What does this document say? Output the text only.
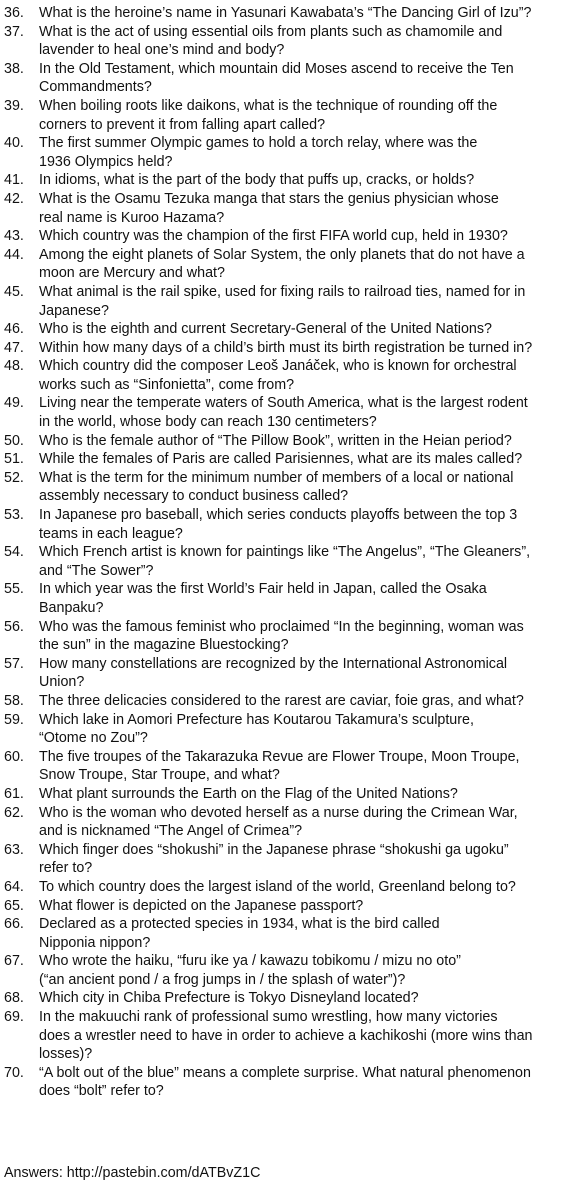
36.	What is the heroine’s name in Yasunari Kawabata’s “The Dancing Girl of Izu”?
37.	What is the act of using essential oils from plants such as chamomile and
lavender to heal one’s mind and body?
38.	In the Old Testament, which mountain did Moses ascend to receive the Ten
Commandments?
39.	When boiling roots like daikons, what is the technique of rounding off the
corners to prevent it from falling apart called?
40.	The first summer Olympic games to hold a torch relay, where was the
1936 Olympics held?
41.	In idioms, what is the part of the body that puffs up, cracks, or holds?
42.	What is the Osamu Tezuka manga that stars the genius physician whose
real name is Kuroo Hazama?
43.	Which country was the champion of the first FIFA world cup, held in 1930?
44.	Among the eight planets of Solar System, the only planets that do not have a
moon are Mercury and what?
45.	What animal is the rail spike, used for fixing rails to railroad ties, named for in
Japanese?
46.	Who is the eighth and current Secretary-General of the United Nations?
47.	Within how many days of a child’s birth must its birth registration be turned in?
48.	Which country did the composer Leoš Janáček, who is known for orchestral
works such as “Sinfonietta”, come from?
49.	Living near the temperate waters of South America, what is the largest rodent
in the world, whose body can reach 130 centimeters?
50.	Who is the female author of “The Pillow Book”, written in the Heian period?
51.	While the females of Paris are called Parisiennes, what are its males called?
52.	What is the term for the minimum number of members of a local or national
assembly necessary to conduct business called?
53.	In Japanese pro baseball, which series conducts playoffs between the top 3
teams in each league?
54.	Which French artist is known for paintings like “The Angelus”, “The Gleaners”,
and “The Sower”?
55.	In which year was the first World’s Fair held in Japan, called the Osaka
Banpaku?
56.	Who was the famous feminist who proclaimed “In the beginning, woman was
the sun” in the magazine Bluestocking?
57.	How many constellations are recognized by the International Astronomical
Union?
58.	The three delicacies considered to the rarest are caviar, foie gras, and what?
59.	Which lake in Aomori Prefecture has Koutarou Takamura’s sculpture,
“Otome no Zou”?
60.	The five troupes of the Takarazuka Revue are Flower Troupe, Moon Troupe,
Snow Troupe, Star Troupe, and what?
61.	What plant surrounds the Earth on the Flag of the United Nations?
62.	Who is the woman who devoted herself as a nurse during the Crimean War,
and is nicknamed “The Angel of Crimea”?
63.	Which finger does “shokushi” in the Japanese phrase “shokushi ga ugoku”
refer to?
64.	To which country does the largest island of the world, Greenland belong to?
65.	What flower is depicted on the Japanese passport?
66.	Declared as a protected species in 1934, what is the bird called
Nipponia nippon?
67.	Who wrote the haiku, “furu ike ya / kawazu tobikomu / mizu no oto”
(“an ancient pond / a frog jumps in / the splash of water”)?
68.	Which city in Chiba Prefecture is Tokyo Disneyland located?
69.	In the makuuchi rank of professional sumo wrestling, how many victories
does a wrestler need to have in order to achieve a kachikoshi (more wins than
losses)?
70.	“A bolt out of the blue” means a complete surprise. What natural phenomenon
does “bolt” refer to?
Answers: http://pastebin.com/dATBvZ1C
